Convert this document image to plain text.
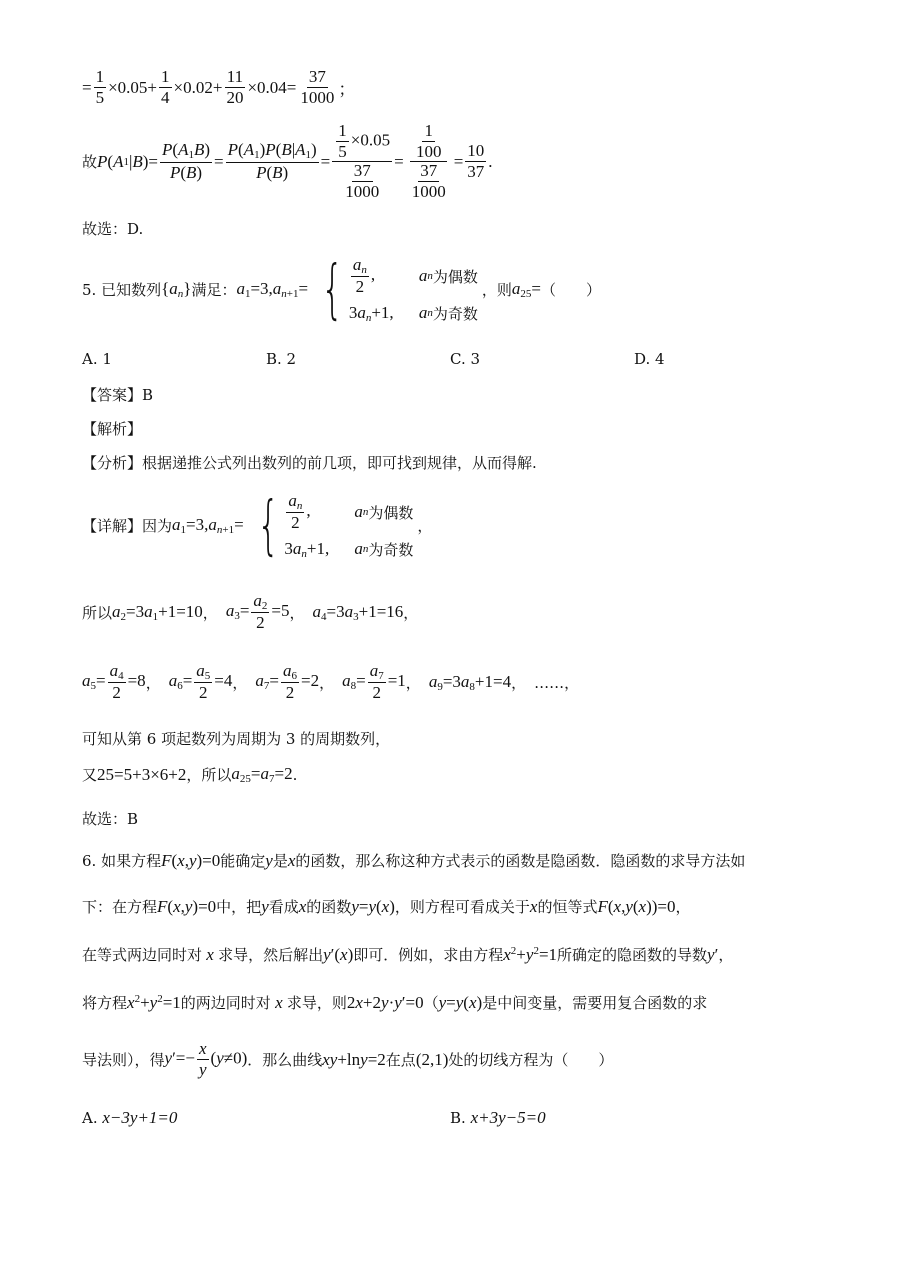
= $\frac{1}{5} \times 0.05+ \frac{1}{4} \times 0.02+ \frac{11}{20} \times 0.04= \frac{37}{1000}$ ；
故 P ( A 1 | B )= $\frac{P(A_1B)}{P(B)} = \frac{P(A_1)P(B|A_1)}{P(B)} = \frac{\frac{1}{5} \times 0.05}{\frac{37}{1000}} = \frac{\frac{1}{100}}{\frac{37}{1000}} = \frac{10}{37}$ .
故选：D.
5. 已知数列 $\{a_n\}$ 满足： $a_1=3,a_{n+1}=$ { $\frac{a_n}{2}$ ,	a n 为偶数
$3a_n+1$,	a n 为奇数
，则 $a_{25}=$ （　　）
A. 1	B. 2	C. 3	D. 4
【答案】B
【解析】
【分析】根据递推公式列出数列的前几项，即可找到规律，从而得解.
【详解】因为 $a_1=3,a_{n+1}=$ { $\frac{a_n}{2}$ ,	a n 为偶数
$3a_n+1$,	a n 为奇数
，
所以 $a_2=3a_1+1=10$ ， $a_3= \frac{a_2}{2} =5$ ， $a_4=3a_3+1=16$ ，
$a_5= \frac{a_4}{2} =8$ ， $a_6= \frac{a_5}{2} =4$ ， $a_7= \frac{a_6}{2} =2$ ， $a_8= \frac{a_7}{2} =1$ ， $a_9=3a_8+1=4$ ， ……，
可知从第 6 项起数列为周期为 3 的周期数列，
又 25=5+3×6+2 ，所以 $a_{25}=a_7=2$ .
故选：B
6. 如果方程 F(x,y)=0 能确定 y 是 x 的函数，那么称这种方式表示的函数是隐函数．隐函数的求导方法如
下：在方程 F(x,y)=0 中，把 y 看成 x 的函数 y=y(x) ，则方程可看成关于 x 的恒等式 F(x,y(x))=0 ，
在等式两边同时对 x 求导，然后解出 y′(x) 即可．例如，求由方程 $x^2+y^2=1$ 所确定的隐函数的导数 y′ ，
将方程 $x^2+y^2=1$ 的两边同时对 x 求导，则 2x+2y·y′=0 （ y=y(x) 是中间变量，需要用复合函数的求
导法则），得 $y'=- \frac{x}{y} (y\ne 0)$ ．那么曲线 xy+lny=2 在点 (2,1) 处的切线方程为（　　）
A. x−3y+1=0	B. x+3y−5=0
